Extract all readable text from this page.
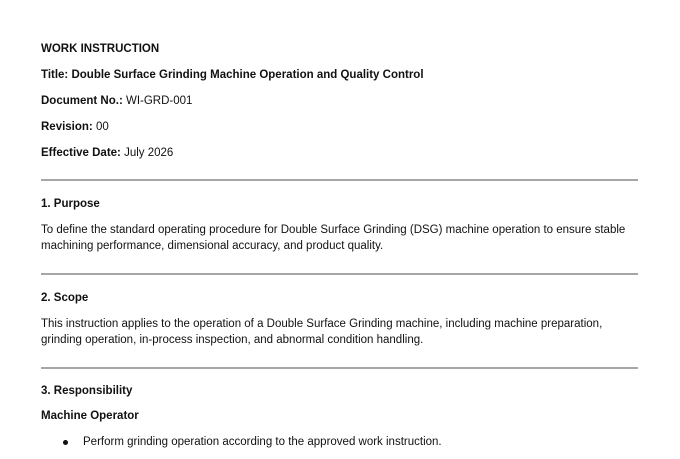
WORK INSTRUCTION
Title: Double Surface Grinding Machine Operation and Quality Control
Document No.: WI-GRD-001
Revision: 00
Effective Date: July 2026
1. Purpose
To define the standard operating procedure for Double Surface Grinding (DSG) machine operation to ensure stable
machining performance, dimensional accuracy, and product quality.
2. Scope
This instruction applies to the operation of a Double Surface Grinding machine, including machine preparation,
grinding operation, in-process inspection, and abnormal condition handling.
3. Responsibility
Machine Operator
Perform grinding operation according to the approved work instruction.
